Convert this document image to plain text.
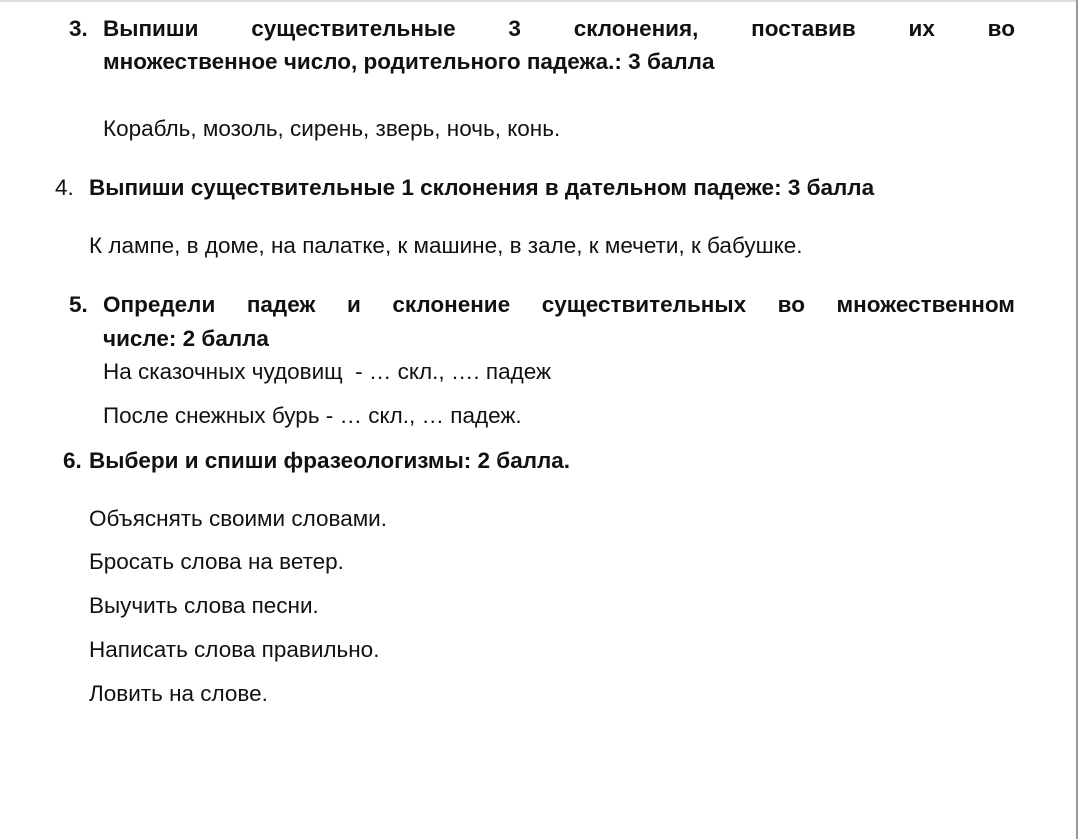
3. Выпиши существительные 3 склонения, поставив их во
множественное число, родительного падежа.: 3 балла
Корабль, мозоль, сирень, зверь, ночь, конь.
4. Выпиши существительные 1 склонения в дательном падеже: 3 балла
К лампе, в доме, на палатке, к машине, в зале, к мечети, к бабушке.
5. Определи падеж и склонение существительных во множественном
числе: 2 балла
На сказочных чудовищ  - … скл., …. падеж
После снежных бурь - … скл., … падеж.
6. Выбери и спиши фразеологизмы: 2 балла.
Объяснять своими словами.
Бросать слова на ветер.
Выучить слова песни.
Написать слова правильно.
Ловить на слове.
